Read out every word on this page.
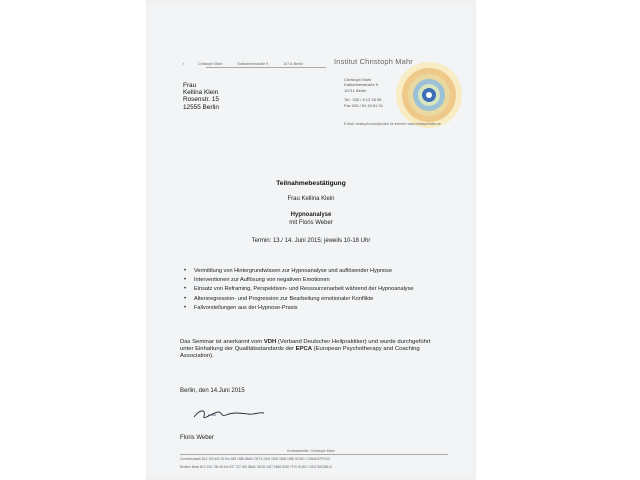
✧	Christoph Mahr	Katharinenstraße 9	10711 Berlin
Frau
Kellina Klein
Rosenstr. 15
12555 Berlin
Institut Christoph Mahr
Christoph Mahr
Katharinenstraße 9
10711 Berlin
Tel.: 030 / 8 13 28 96
Fax 030 / 81 49 81 01
E-Mail: christoph.mahr@online.de Internet: www.christophmahr.de
Teilnahmebestätigung
Frau Kellina Klein
Hypnoanalyse
mit Floris Weber
Termin: 13./ 14. Juni 2015; jeweils 10-18 Uhr
• Vermittlung von Hintergrundwissen zur Hypnoanalyse und auflösender Hypnose
• Interventionen zur Auflösung von negativen Emotionen
• Einsatz von Reframing, Perspektiven- und Ressourcenarbeit während der Hypnoanalyse
• Altersregression- und Progression zur Bearbeitung emotionaler Konflikte
• Fallvorstellungen aus der Hypnose-Praxis
Das Seminar ist anerkannt vom VDH (Verband Deutscher Heilpraktiker) und wurde durchgeführt unter Einhaltung der Qualitätsstandards der EPCA (European Psychotherapy and Coaching Association).
Berlin, den 14.Juni 2015
Floris Weber
Kreissekretär: Christoph Mahr
Commerzbank BLZ 100 400 00 Kto 655 1980 IBAN: DE73 1004 0000 0655 1980 00 BIC: COBADEFFXXX
Berliner Bank BLZ 100 708 48 Kto 037 737 000 IBAN: DE06 1007 0848 0039 7370 00 BIC: DEUTDEDB110
